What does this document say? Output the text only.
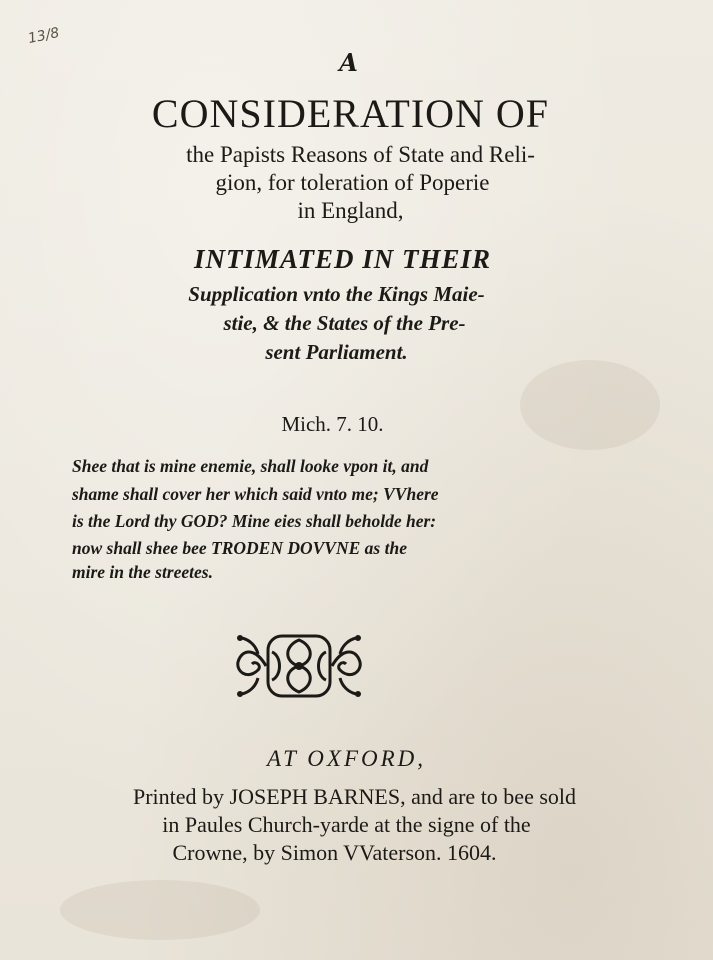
13/8
A
CONSIDERATION OF
the Papists Reasons of State and Reli-
gion, for toleration of Poperie
in England,
INTIMATED IN THEIR
Supplication vnto the Kings Maie-
stie, & the States of the Pre-
sent Parliament.
Mich. 7. 10.
Shee that is mine enemie, shall looke vpon it, and
shame shall cover her which said vnto me; VVhere
is the Lord thy GOD? Mine eies shall beholde her:
now shall shee bee TRODEN DOVVNE as the
mire in the streetes.
AT OXFORD,
Printed by JOSEPH BARNES, and are to bee sold
in Paules Church-yarde at the signe of the
Crowne, by Simon VVaterson. 1604.
